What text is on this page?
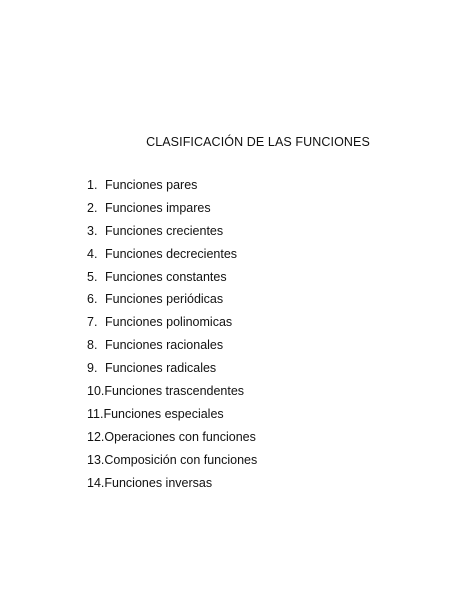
CLASIFICACIÓN DE LAS FUNCIONES
1. Funciones pares
2. Funciones impares
3. Funciones crecientes
4. Funciones decrecientes
5. Funciones constantes
6. Funciones periódicas
7. Funciones polinomicas
8. Funciones racionales
9. Funciones radicales
10. Funciones trascendentes
11. Funciones especiales
12. Operaciones con funciones
13. Composición con funciones
14. Funciones inversas
